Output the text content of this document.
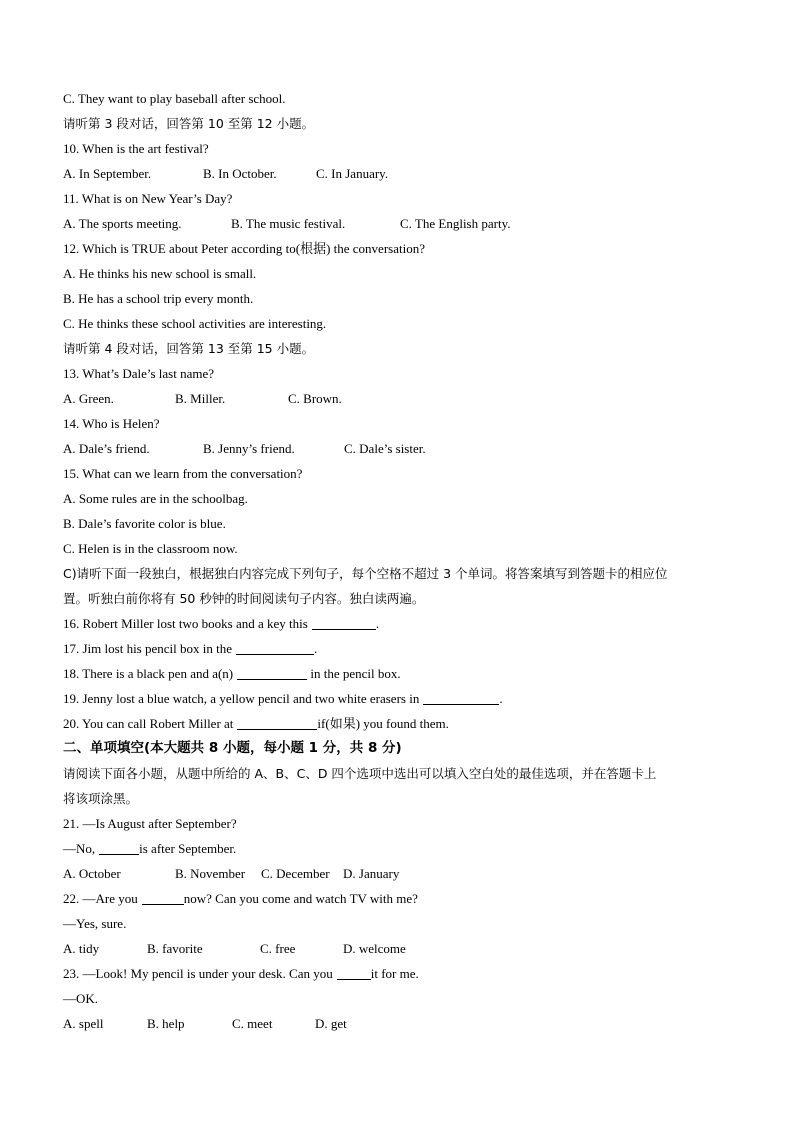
C. They want to play baseball after school.
请听第 3 段对话，回答第 10 至第 12 小题。
10. When is the art festival?
A. In September.	B. In October.	C. In January.
11. What is on New Year’s Day?
A. The sports meeting.	B. The music festival.	C. The English party.
12. Which is TRUE about Peter according to(根据) the conversation?
A. He thinks his new school is small.
B. He has a school trip every month.
C. He thinks these school activities are interesting.
请听第 4 段对话，回答第 13 至第 15 小题。
13. What’s Dale’s last name?
A. Green.	B. Miller.	C. Brown.
14. Who is Helen?
A. Dale’s friend.	B. Jenny’s friend.	C. Dale’s sister.
15. What can we learn from the conversation?
A. Some rules are in the schoolbag.
B. Dale’s favorite color is blue.
C. Helen is in the classroom now.
C)请听下面一段独白，根据独白内容完成下列句子，每个空格不超过 3 个单词。将答案填写到答题卡的相应位
置。听独白前你将有 50 秒钟的时间阅读句子内容。独白读两遍。
16. Robert Miller lost two books and a key this	.
17. Jim lost his pencil box in the	.
18. There is a black pen and a(n)	in the pencil box.
19. Jenny lost a blue watch, a yellow pencil and two white erasers in	.
20. You can call Robert Miller at	if(如果) you found them.
二、单项填空(本大题共 8 小题，每小题 1 分，共 8 分)
请阅读下面各小题，从题中所给的 A、B、C、D 四个选项中选出可以填入空白处的最佳选项，并在答题卡上
将该项涂黑。
21. —Is August after September?
—No,	is after September.
A. October	B. November C. December D. January
22. —Are you	now? Can you come and watch TV with me?
—Yes, sure.
A. tidy	B. favorite	C. free	D. welcome
23. —Look! My pencil is under your desk. Can you	it for me.
—OK.
A. spell	B. help	C. meet	D. get
